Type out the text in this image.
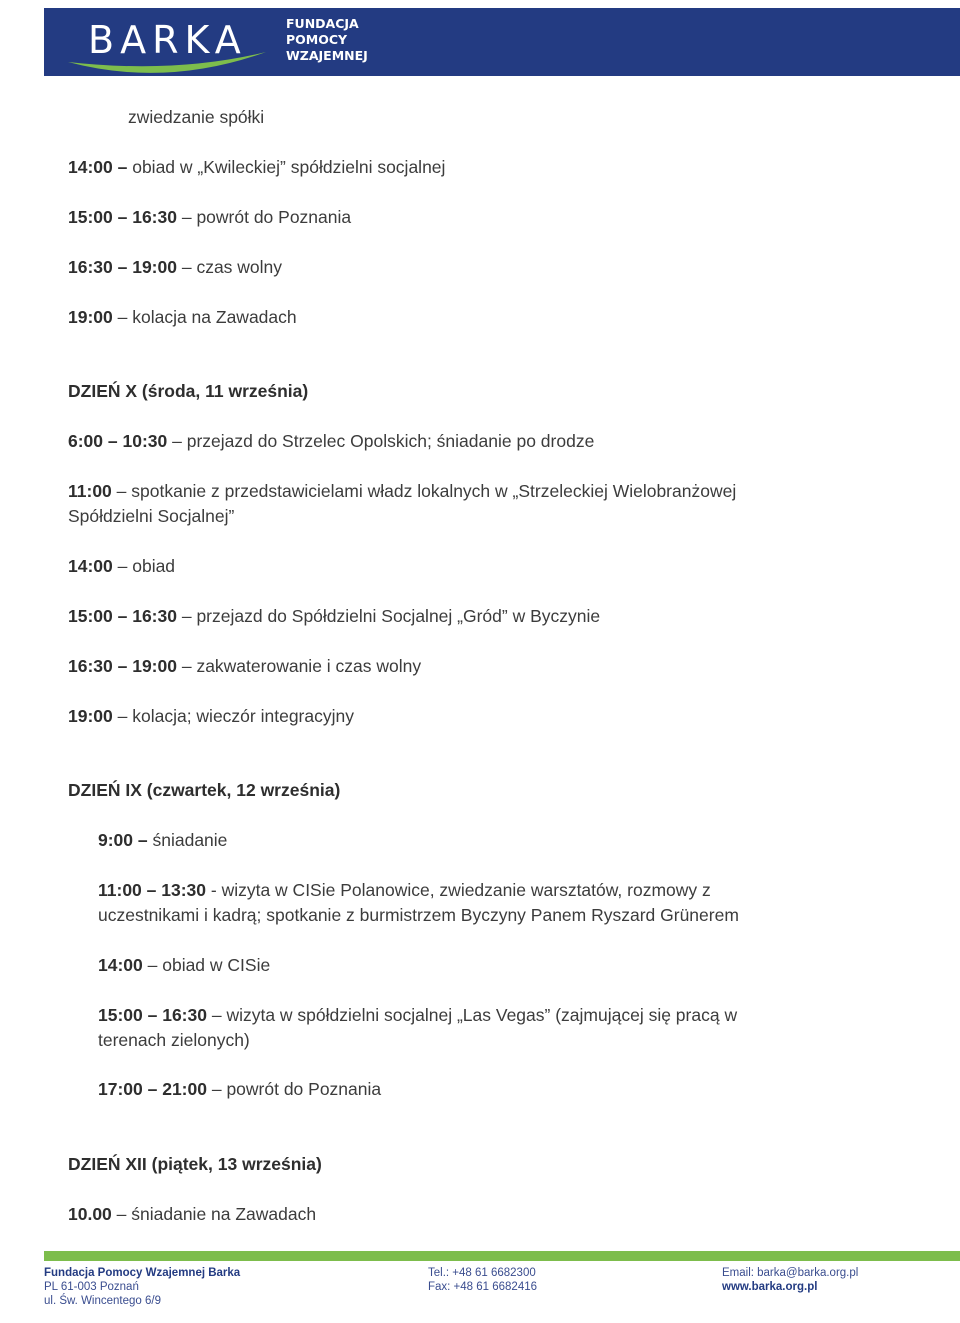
BARKA	FUNDACJA
POMOCY
WZAJEMNEJ

zwiedzanie spółki

14:00 – obiad w „Kwileckiej” spółdzielni socjalnej

15:00 – 16:30 – powrót do Poznania

16:30 – 19:00 – czas wolny

19:00 – kolacja na Zawadach

DZIEŃ X (środa, 11 września)

6:00 – 10:30 – przejazd do Strzelec Opolskich; śniadanie po drodze

11:00 – spotkanie z przedstawicielami władz lokalnych w „Strzeleckiej Wielobranżowej

Spółdzielni Socjalnej”

14:00 – obiad

15:00 – 16:30 – przejazd do Spółdzielni Socjalnej „Gród” w Byczynie

16:30 – 19:00 – zakwaterowanie i czas wolny

19:00 – kolacja; wieczór integracyjny

DZIEŃ IX (czwartek, 12 września)

9:00 – śniadanie

11:00 – 13:30 - wizyta w CISie Polanowice, zwiedzanie warsztatów, rozmowy z

uczestnikami i kadrą; spotkanie z burmistrzem Byczyny Panem Ryszard Grünerem

14:00 – obiad w CISie

15:00 – 16:30 – wizyta w spółdzielni socjalnej „Las Vegas” (zajmującej się pracą w

terenach zielonych)

17:00 – 21:00 – powrót do Poznania

DZIEŃ XII (piątek, 13 września)

10.00 – śniadanie na Zawadach

Fundacja Pomocy Wzajemnej Barka
PL 61-003 Poznań
ul. Św. Wincentego 6/9
Tel.: +48 61 6682300
Fax: +48 61 6682416
Email: barka@barka.org.pl
www.barka.org.pl
